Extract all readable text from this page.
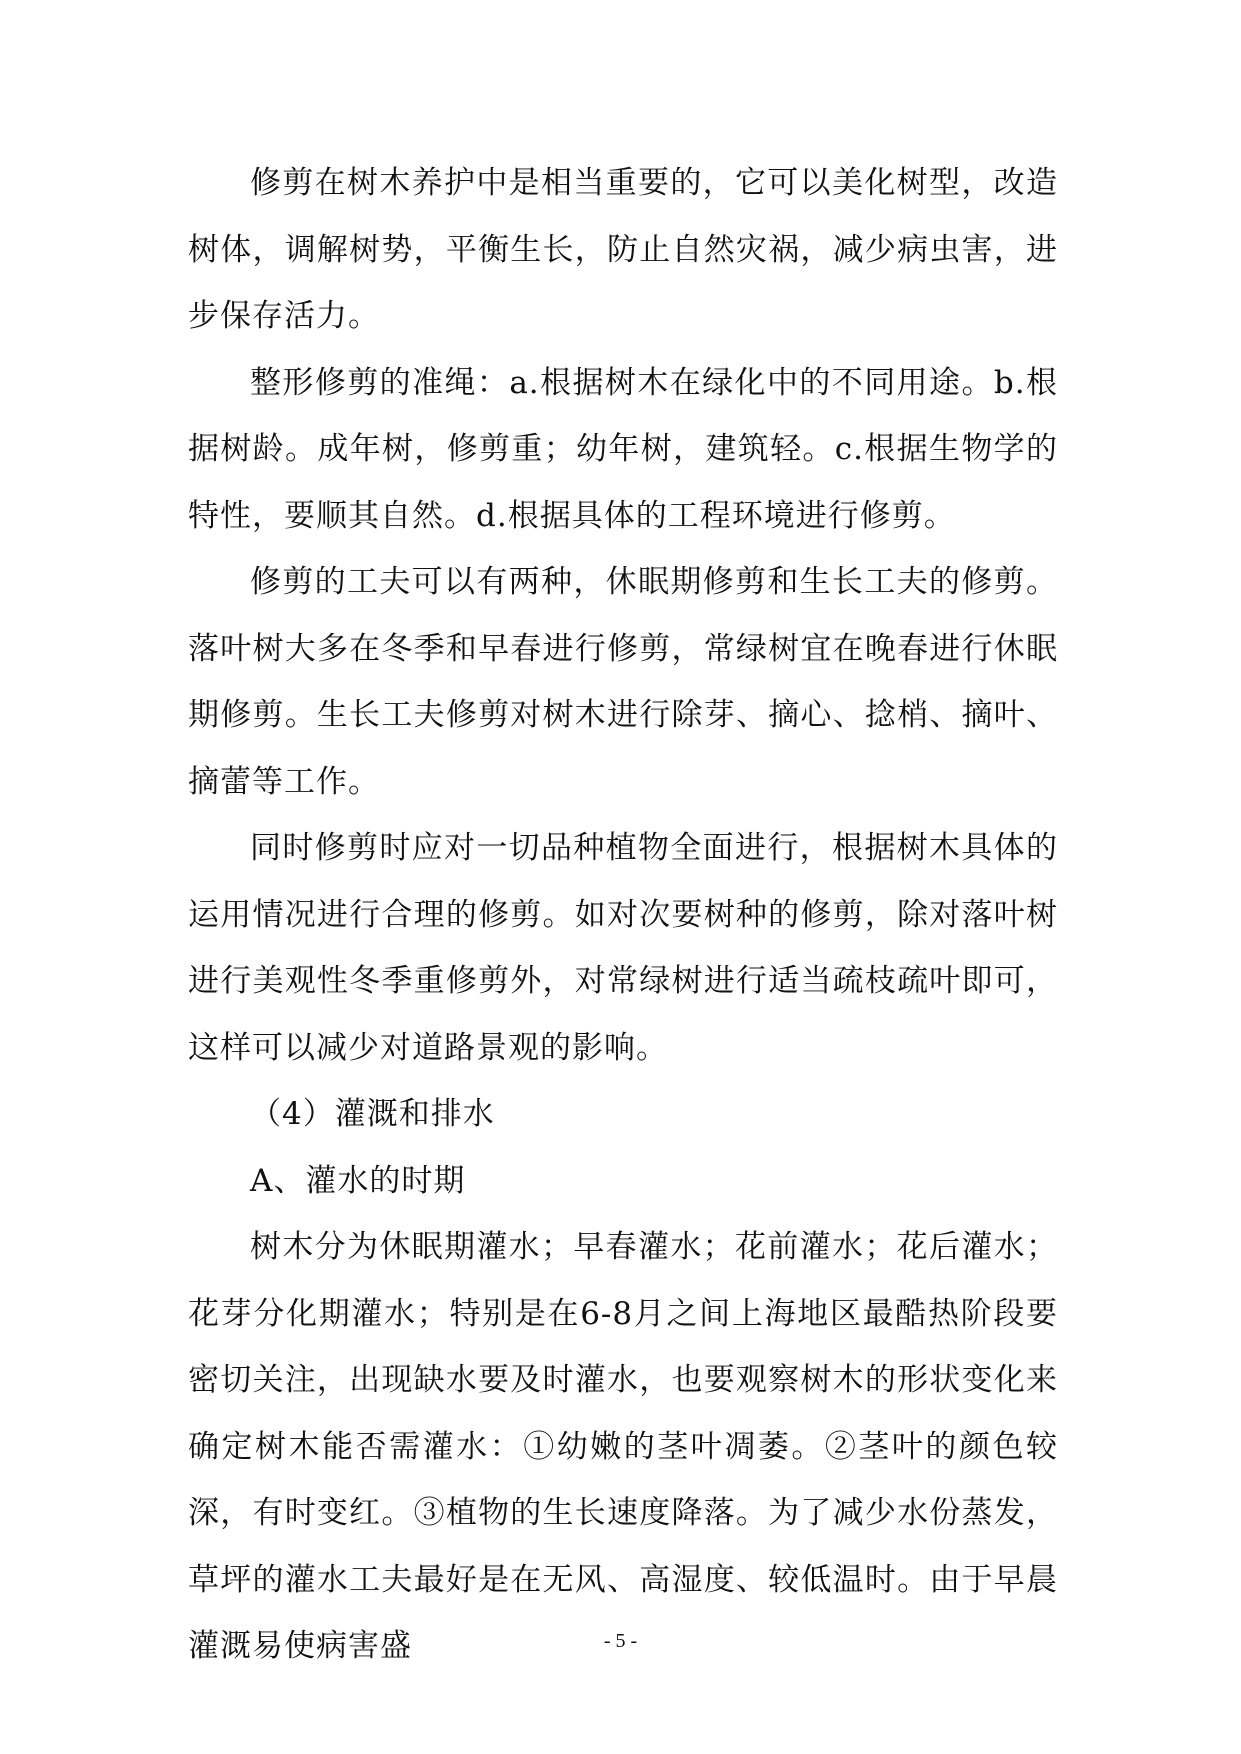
修剪在树木养护中是相当重要的，它可以美化树型，改造树体，调解树势，平衡生长，防止自然灾祸，减少病虫害，进步保存活力。

整形修剪的准绳：a.根据树木在绿化中的不同用途。b.根据树龄。成年树，修剪重；幼年树，建筑轻。c.根据生物学的特性，要顺其自然。d.根据具体的工程环境进行修剪。

修剪的工夫可以有两种，休眠期修剪和生长工夫的修剪。落叶树大多在冬季和早春进行修剪，常绿树宜在晚春进行休眠期修剪。生长工夫修剪对树木进行除芽、摘心、捻梢、摘叶、摘蕾等工作。

同时修剪时应对一切品种植物全面进行，根据树木具体的运用情况进行合理的修剪。如对次要树种的修剪，除对落叶树进行美观性冬季重修剪外，对常绿树进行适当疏枝疏叶即可，这样可以减少对道路景观的影响。

（4）灌溉和排水

A、灌水的时期

树木分为休眠期灌水；早春灌水；花前灌水；花后灌水；花芽分化期灌水；特别是在6-8月之间上海地区最酷热阶段要密切关注，出现缺水要及时灌水，也要观察树木的形状变化来确定树木能否需灌水：①幼嫩的茎叶凋萎。②茎叶的颜色较深，有时变红。③植物的生长速度降落。为了减少水份蒸发，草坪的灌水工夫最好是在无风、高湿度、较低温时。由于早晨灌溉易使病害盛	- 5 -
